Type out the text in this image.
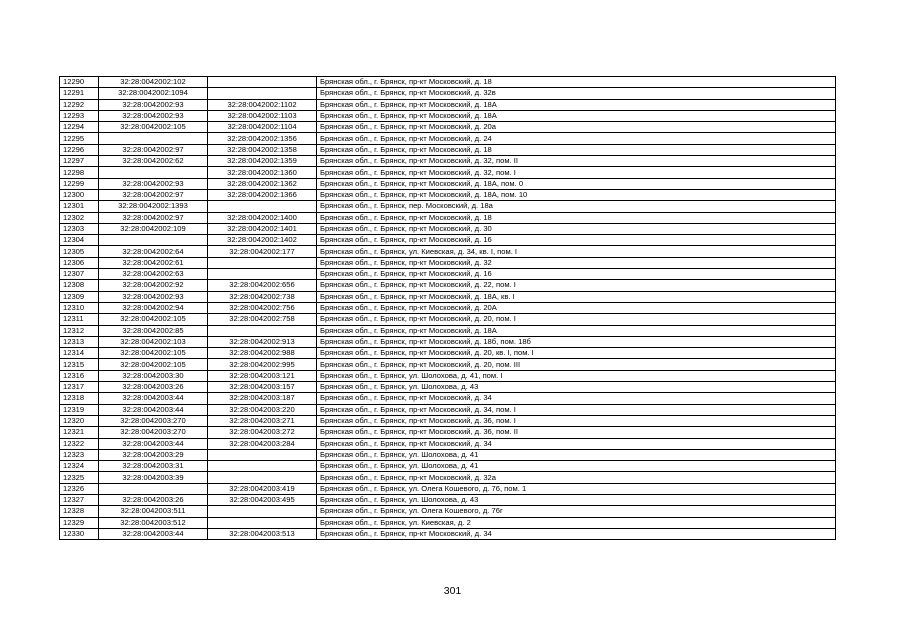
12290	32:28:0042002:102		Брянская обл., г. Брянск, пр-кт Московский, д. 18
12291	32:28:0042002:1094		Брянская обл., г. Брянск, пр-кт Московский, д. 32в
12292	32:28:0042002:93	32:28:0042002:1102	Брянская обл., г. Брянск, пр-кт Московский, д. 18А
12293	32:28:0042002:93	32:28:0042002:1103	Брянская обл., г. Брянск, пр-кт Московский, д. 18А
12294	32:28:0042002:105	32:28:0042002:1104	Брянская обл., г. Брянск, пр-кт Московский, д. 20а
12295		32:28:0042002:1356	Брянская обл., г. Брянск, пр-кт Московский, д. 24
12296	32:28:0042002:97	32:28:0042002:1358	Брянская обл., г. Брянск, пр-кт Московский, д. 18
12297	32:28:0042002:62	32:28:0042002:1359	Брянская обл., г. Брянск, пр-кт Московский, д. 32, пом. II
12298		32:28:0042002:1360	Брянская обл., г. Брянск, пр-кт Московский, д. 32, пом. I
12299	32:28:0042002:93	32:28:0042002:1362	Брянская обл., г. Брянск, пр-кт Московский, д. 18А, пом. 0
12300	32:28:0042002:97	32:28:0042002:1366	Брянская обл., г. Брянск, пр-кт Московский, д. 18А, пом. 10
12301	32:28:0042002:1393		Брянская обл., г. Брянск, пер. Московский, д. 18а
12302	32:28:0042002:97	32:28:0042002:1400	Брянская обл., г. Брянск, пр-кт Московский, д. 18
12303	32:28:0042002:109	32:28:0042002:1401	Брянская обл., г. Брянск, пр-кт Московский, д. 30
12304		32:28:0042002:1402	Брянская обл., г. Брянск, пр-кт Московский, д. 16
12305	32:28:0042002:64	32:28:0042002:177	Брянская обл., г. Брянск, ул. Киевская, д. 34, кв. I, пом. I
12306	32:28:0042002:61		Брянская обл., г. Брянск, пр-кт Московский, д. 32
12307	32:28:0042002:63		Брянская обл., г. Брянск, пр-кт Московский, д. 16
12308	32:28:0042002:92	32:28:0042002:656	Брянская обл., г. Брянск, пр-кт Московский, д. 22, пом. I
12309	32:28:0042002:93	32:28:0042002:738	Брянская обл., г. Брянск, пр-кт Московский, д. 18А, кв. I
12310	32:28:0042002:94	32:28:0042002:756	Брянская обл., г. Брянск, пр-кт Московский, д. 20А
12311	32:28:0042002:105	32:28:0042002:758	Брянская обл., г. Брянск, пр-кт Московский, д. 20, пом. I
12312	32:28:0042002:85		Брянская обл., г. Брянск, пр-кт Московский, д. 18А
12313	32:28:0042002:103	32:28:0042002:913	Брянская обл., г. Брянск, пр-кт Московский, д. 18б, пом. 18б
12314	32:28:0042002:105	32:28:0042002:988	Брянская обл., г. Брянск, пр-кт Московский, д. 20, кв. I, пом. I
12315	32:28:0042002:105	32:28:0042002:995	Брянская обл., г. Брянск, пр-кт Московский, д. 20, пом. III
12316	32:28:0042003:30	32:28:0042003:121	Брянская обл., г. Брянск, ул. Шолохова, д. 41, пом. I
12317	32:28:0042003:26	32:28:0042003:157	Брянская обл., г. Брянск, ул. Шолохова, д. 43
12318	32:28:0042003:44	32:28:0042003:187	Брянская обл., г. Брянск, пр-кт Московский, д. 34
12319	32:28:0042003:44	32:28:0042003:220	Брянская обл., г. Брянск, пр-кт Московский, д. 34, пом. I
12320	32:28:0042003:270	32:28:0042003:271	Брянская обл., г. Брянск, пр-кт Московский, д. 36, пом. I
12321	32:28:0042003:270	32:28:0042003:272	Брянская обл., г. Брянск, пр-кт Московский, д. 36, пом. II
12322	32:28:0042003:44	32:28:0042003:284	Брянская обл., г. Брянск, пр-кт Московский, д. 34
12323	32:28:0042003:29		Брянская обл., г. Брянск, ул. Шолохова, д. 41
12324	32:28:0042003:31		Брянская обл., г. Брянск, ул. Шолохова, д. 41
12325	32:28:0042003:39		Брянская обл., г. Брянск, пр-кт Московский, д. 32а
12326		32:28:0042003:419	Брянская обл., г. Брянск, ул. Олега Кошевого, д. 76, пом. 1
12327	32:28:0042003:26	32:28:0042003:495	Брянская обл., г. Брянск, ул. Шолохова, д. 43
12328	32:28:0042003:511		Брянская обл., г. Брянск, ул. Олега Кошевого, д. 76г
12329	32:28:0042003:512		Брянская обл., г. Брянск, ул. Киевская, д. 2
12330	32:28:0042003:44	32:28:0042003:513	Брянская обл., г. Брянск, пр-кт Московский, д. 34
301
